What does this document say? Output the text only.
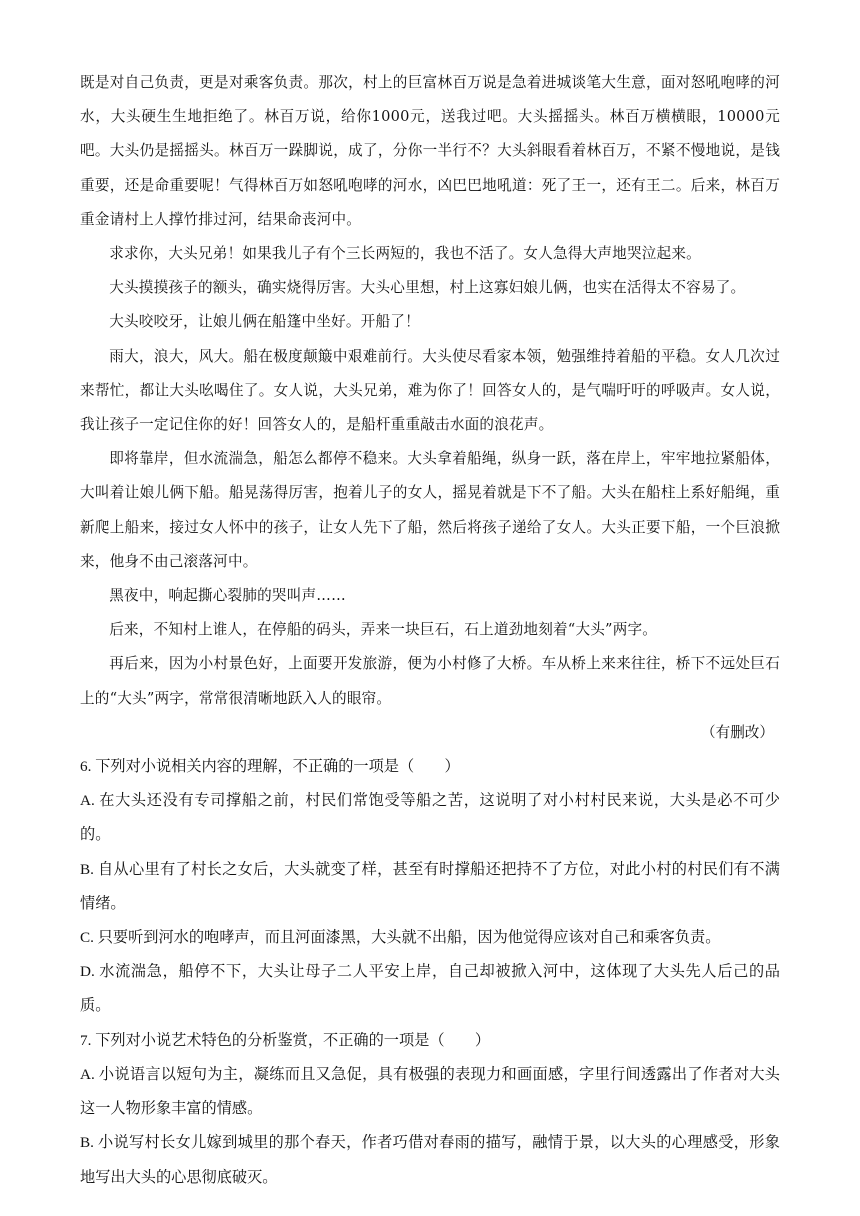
既是对自己负责，更是对乘客负责。那次，村上的巨富林百万说是急着进城谈笔大生意，面对怒吼咆哮的河水，大头硬生生地拒绝了。林百万说，给你1000元，送我过吧。大头摇摇头。林百万横横眼，10000元吧。大头仍是摇摇头。林百万一跺脚说，成了，分你一半行不？大头斜眼看着林百万，不紧不慢地说，是钱重要，还是命重要呢！气得林百万如怒吼咆哮的河水，凶巴巴地吼道：死了王一，还有王二。后来，林百万重金请村上人撑竹排过河，结果命丧河中。

求求你，大头兄弟！如果我儿子有个三长两短的，我也不活了。女人急得大声地哭泣起来。

大头摸摸孩子的额头，确实烧得厉害。大头心里想，村上这寡妇娘儿俩，也实在活得太不容易了。

大头咬咬牙，让娘儿俩在船篷中坐好。开船了！

雨大，浪大，风大。船在极度颠簸中艰难前行。大头使尽看家本领，勉强维持着船的平稳。女人几次过来帮忙，都让大头吆喝住了。女人说，大头兄弟，难为你了！回答女人的，是气喘吁吁的呼吸声。女人说，我让孩子一定记住你的好！回答女人的，是船杆重重敲击水面的浪花声。

即将靠岸，但水流湍急，船怎么都停不稳来。大头拿着船绳，纵身一跃，落在岸上，牢牢地拉紧船体，大叫着让娘儿俩下船。船晃荡得厉害，抱着儿子的女人，摇晃着就是下不了船。大头在船柱上系好船绳，重新爬上船来，接过女人怀中的孩子，让女人先下了船，然后将孩子递给了女人。大头正要下船，一个巨浪掀来，他身不由己滚落河中。

黑夜中，响起撕心裂肺的哭叫声……

后来，不知村上谁人，在停船的码头，弄来一块巨石，石上道劲地刻着“大头”两字。

再后来，因为小村景色好，上面要开发旅游，便为小村修了大桥。车从桥上来来往往，桥下不远处巨石上的“大头”两字，常常很清晰地跃入人的眼帘。

（有删改）

6. 下列对小说相关内容的理解，不正确的一项是（　　）

A. 在大头还没有专司撑船之前，村民们常饱受等船之苦，这说明了对小村村民来说，大头是必不可少的。

B. 自从心里有了村长之女后，大头就变了样，甚至有时撑船还把持不了方位，对此小村的村民们有不满情绪。

C. 只要听到河水的咆哮声，而且河面漆黑，大头就不出船，因为他觉得应该对自己和乘客负责。

D. 水流湍急，船停不下，大头让母子二人平安上岸，自己却被掀入河中，这体现了大头先人后己的品质。

7. 下列对小说艺术特色的分析鉴赏，不正确的一项是（　　）

A. 小说语言以短句为主，凝练而且又急促，具有极强的表现力和画面感，字里行间透露出了作者对大头这一人物形象丰富的情感。

B. 小说写村长女儿嫁到城里的那个春天，作者巧借对春雨的描写，融情于景，以大头的心理感受，形象地写出大头的心思彻底破灭。
